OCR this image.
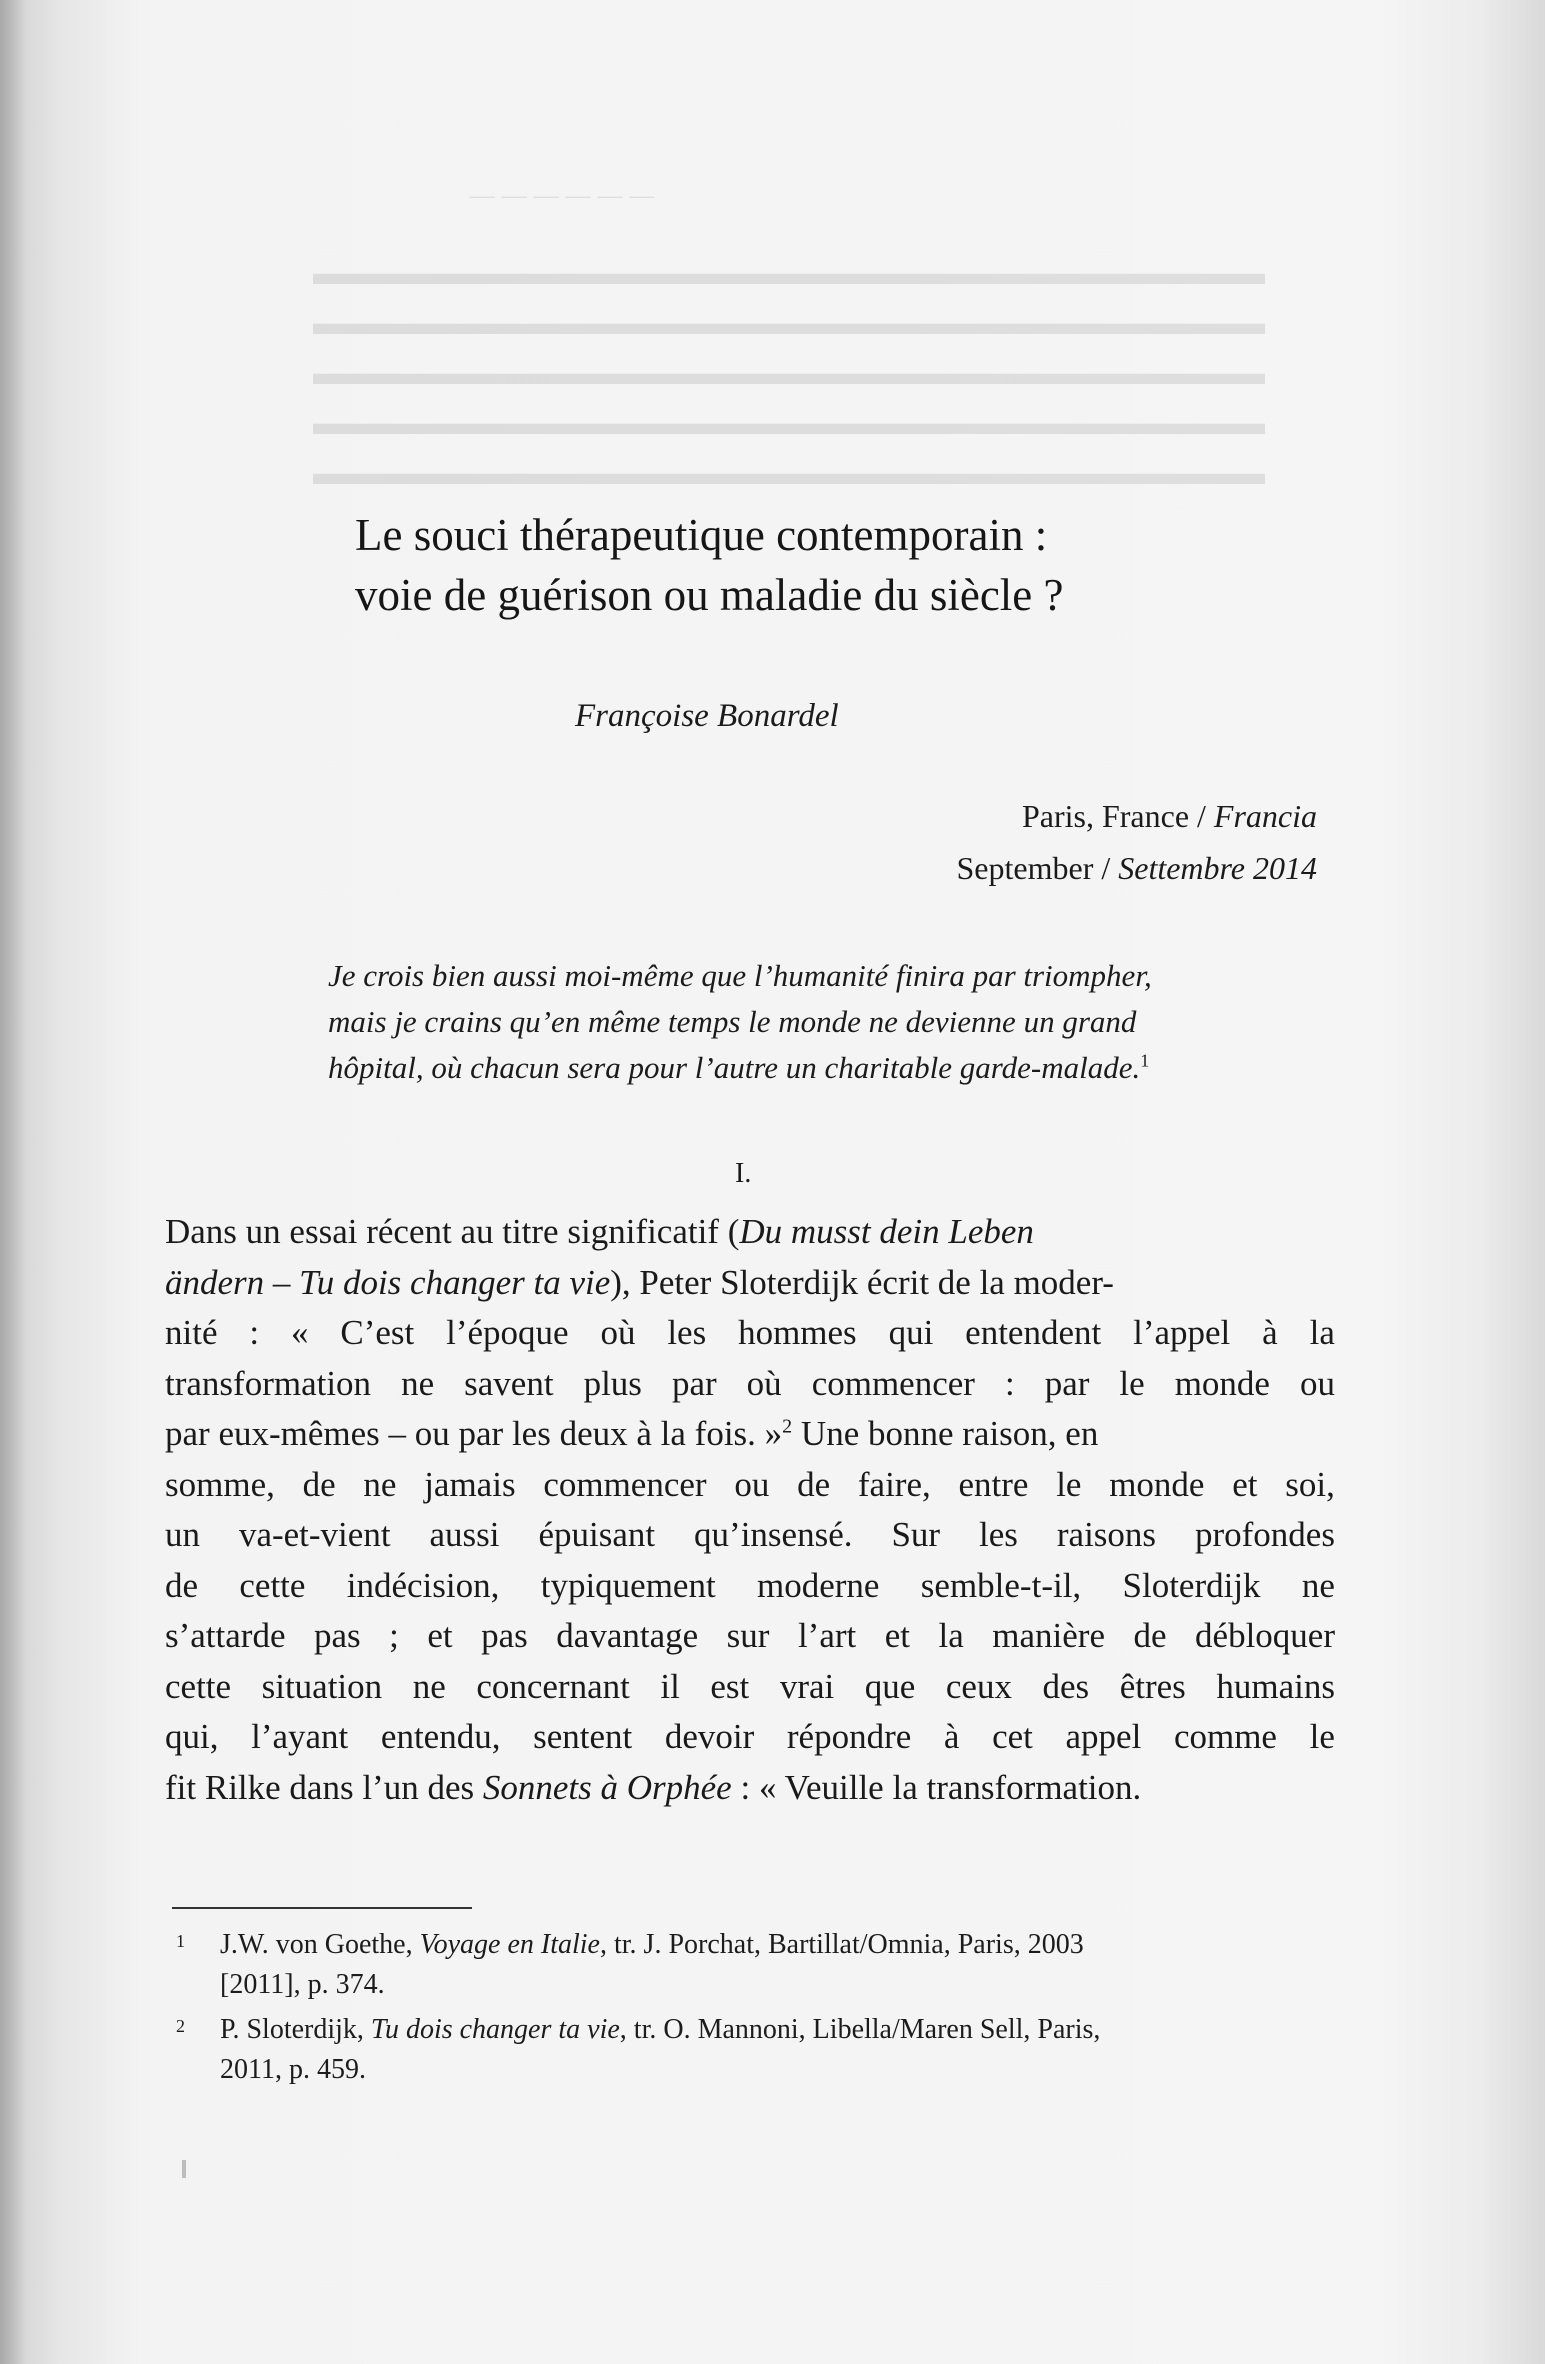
Le souci thérapeutique contemporain :
voie de guérison ou maladie du siècle ?
Françoise Bonardel
Paris, France / Francia
September / Settembre 2014
Je crois bien aussi moi-même que l’humanité finira par triompher,
mais je crains qu’en même temps le monde ne devienne un grand
hôpital, où chacun sera pour l’autre un charitable garde-malade.$^1$
I.
Dans un essai récent au titre significatif (Du musst dein Leben
ändern – Tu dois changer ta vie), Peter Sloterdijk écrit de la moder-
nité : « C’est l’époque où les hommes qui entendent l’appel à la
transformation ne savent plus par où commencer : par le monde ou
par eux-mêmes – ou par les deux à la fois. »$^2$ Une bonne raison, en
somme, de ne jamais commencer ou de faire, entre le monde et soi,
un va-et-vient aussi épuisant qu’insensé. Sur les raisons profondes
de cette indécision, typiquement moderne semble-t-il, Sloterdijk ne
s’attarde pas ; et pas davantage sur l’art et la manière de débloquer
cette situation ne concernant il est vrai que ceux des êtres humains
qui, l’ayant entendu, sentent devoir répondre à cet appel comme le
fit Rilke dans l’un des Sonnets à Orphée : « Veuille la transformation.
1 J.W. von Goethe, Voyage en Italie, tr. J. Porchat, Bartillat/Omnia, Paris, 2003
[2011], p. 374.
2 P. Sloterdijk, Tu dois changer ta vie, tr. O. Mannoni, Libella/Maren Sell, Paris,
2011, p. 459.
